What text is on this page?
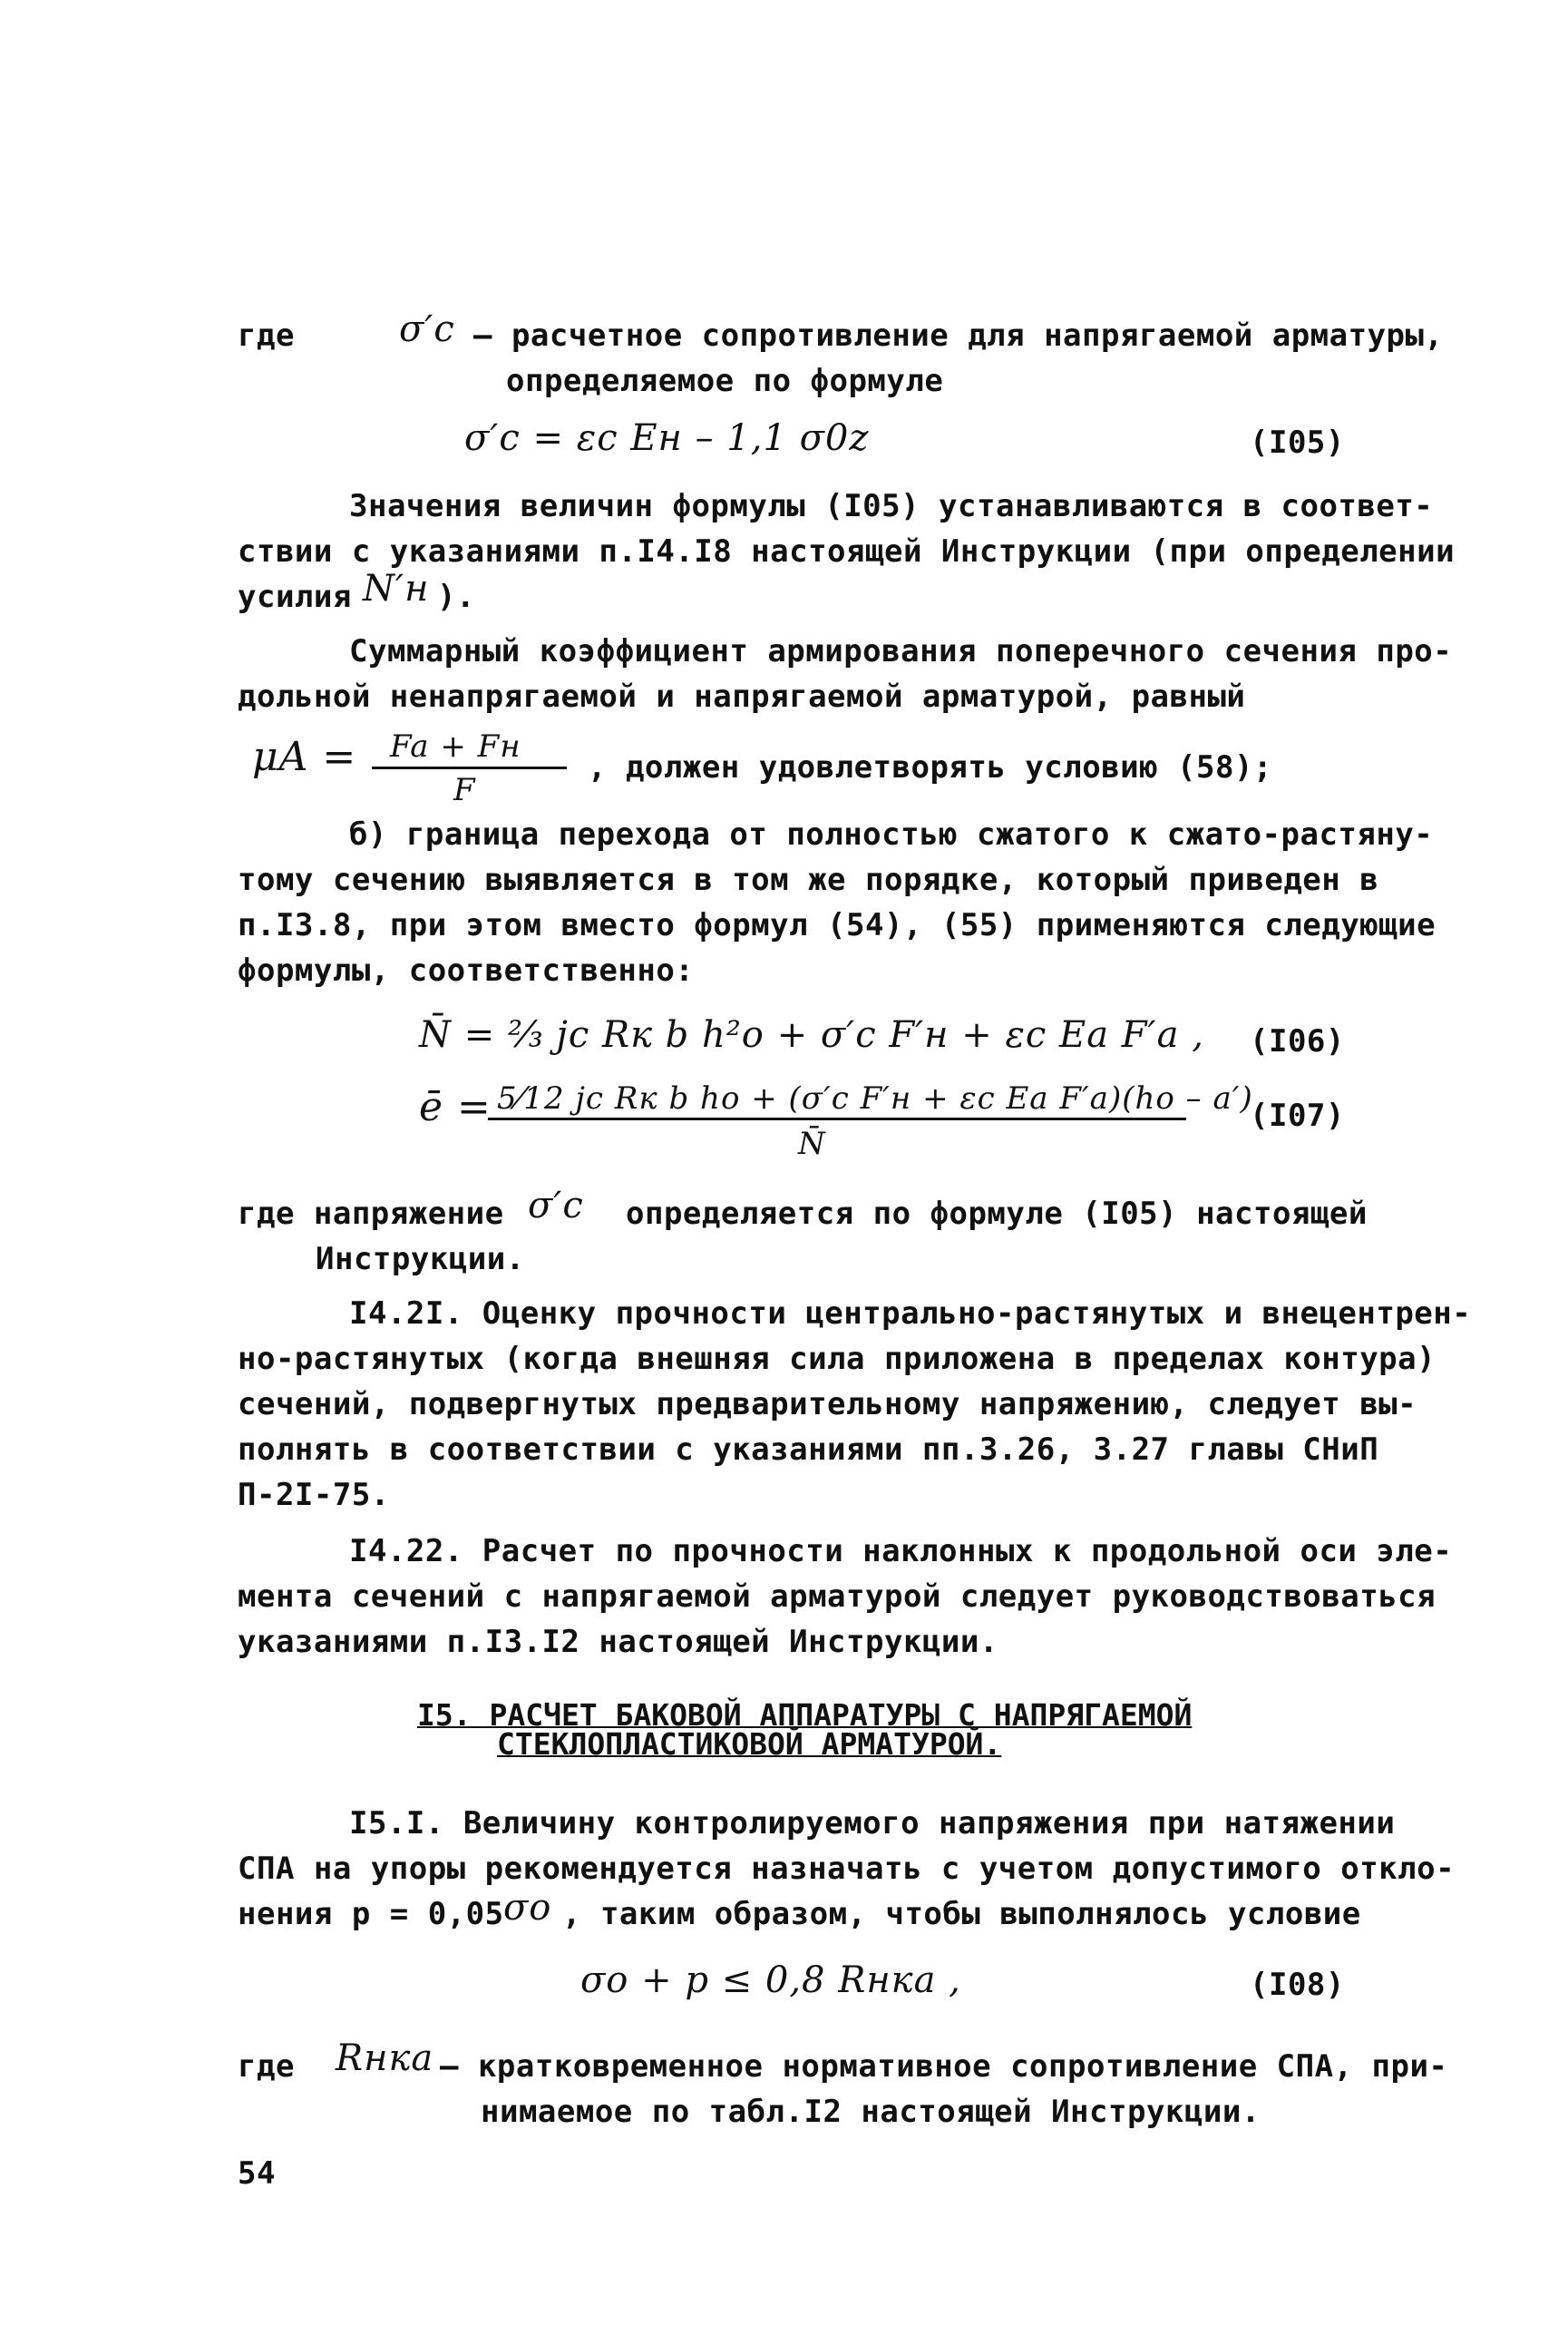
где	σ′c – расчетное сопротивление для напрягаемой арматуры,
определяемое по формуле
σ′c = εc Eн – 1,1 σ0z	(I05)
Значения величин формулы (I05) устанавливаются в соответ-
ствии с указаниями п.I4.I8 настоящей Инструкции (при определении
усилия N′н ).
Суммарный коэффициент армирования поперечного сечения про-
дольной ненапрягаемой и напрягаемой арматурой, равный
μA = Fa + Fн
F
, должен удовлетворять условию (58);
б) граница перехода от полностью сжатого к сжато-растяну-
тому сечению выявляется в том же порядке, который приведен в
п.I3.8, при этом вместо формул (54), (55) применяются следующие
формулы, соответственно:
N̄ = ⅔ jc Rк b h²о + σ′c F′н + εc Ea F′a , (I06)
ē = 5⁄12 jc Rк b hо + (σ′c F′н + εc Ea F′a)(hо – a′)
N̄
(I07)
где напряжение σ′c определяется по формуле (I05) настоящей
Инструкции.
I4.2I. Оценку прочности центрально-растянутых и внецентрен-
но-растянутых (когда внешняя сила приложена в пределах контура)
сечений, подвергнутых предварительному напряжению, следует вы-
полнять в соответствии с указаниями пп.3.26, 3.27 главы СНиП
П-2I-75.
I4.22. Расчет по прочности наклонных к продольной оси эле-
мента сечений с напрягаемой арматурой следует руководствоваться
указаниями п.I3.I2 настоящей Инструкции.
I5. РАСЧЕТ БАКОВОЙ АППАРАТУРЫ С НАПРЯГАЕМОЙ
СТЕКЛОПЛАСТИКОВОЙ АРМАТУРОЙ.
I5.I. Величину контролируемого напряжения при натяжении
СПА на упоры рекомендуется назначать с учетом допустимого откло-
нения p = 0,05 σо , таким образом, чтобы выполнялось условие
σо + p ≤ 0,8 Rнка ,	(I08)
где Rнка – кратковременное нормативное сопротивление СПА, при-
нимаемое по табл.I2 настоящей Инструкции.
54
